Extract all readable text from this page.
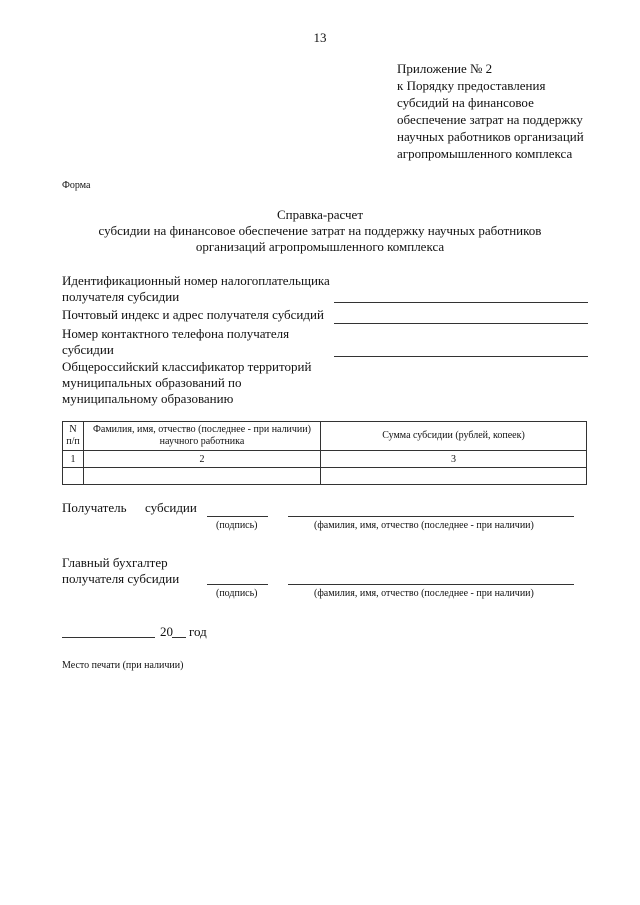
13
Приложение № 2
к Порядку предоставления
субсидий на финансовое
обеспечение затрат на поддержку
научных работников организаций
агропромышленного комплекса
Форма
Справка-расчет
субсидии на финансовое обеспечение затрат на поддержку научных работников
организаций агропромышленного комплекса
Идентификационный номер налогоплательщика
получателя субсидии
Почтовый индекс и адрес получателя субсидий
Номер контактного телефона получателя
субсидии
Общероссийский классификатор территорий
муниципальных образований по
муниципальному образованию
N п/п	Фамилия, имя, отчество (последнее - при наличии) научного работника	Сумма субсидии (рублей, копеек)
1	2	3

Получатель субсидии
(подпись)	(фамилия, имя, отчество (последнее - при наличии)
Главный бухгалтер
получателя субсидии
(подпись)	(фамилия, имя, отчество (последнее - при наличии)
20 год
Место печати (при наличии)
